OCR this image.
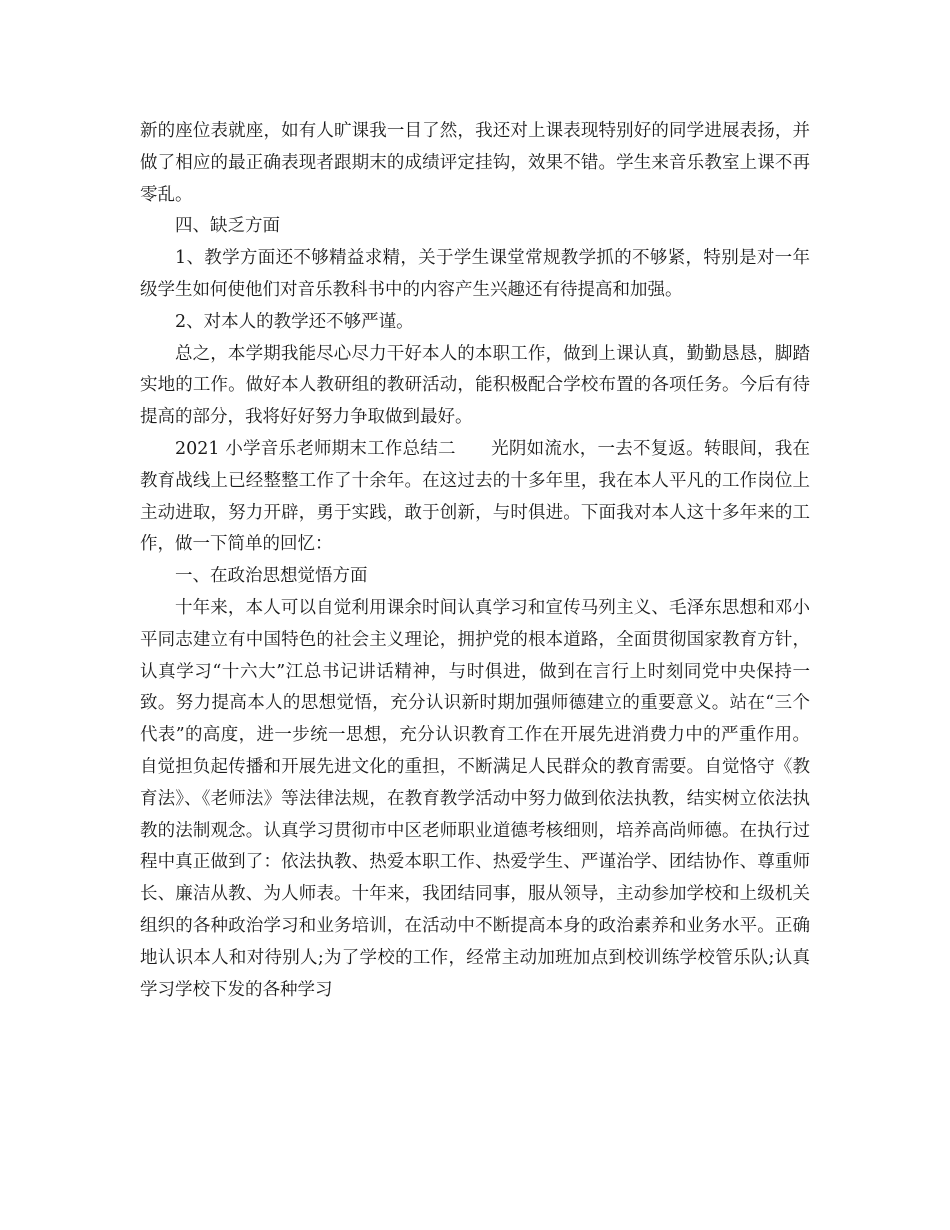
新的座位表就座，如有人旷课我一目了然，我还对上课表现特别好的同学进展表扬，并做了相应的最正确表现者跟期末的成绩评定挂钩，效果不错。学生来音乐教室上课不再零乱。

四、缺乏方面

1、教学方面还不够精益求精，关于学生课堂常规教学抓的不够紧，特别是对一年级学生如何使他们对音乐教科书中的内容产生兴趣还有待提高和加强。

2、对本人的教学还不够严谨。

总之，本学期我能尽心尽力干好本人的本职工作，做到上课认真，勤勤恳恳，脚踏实地的工作。做好本人教研组的教研活动，能积极配合学校布置的各项任务。今后有待提高的部分，我将好好努力争取做到最好。

2021 小学音乐老师期末工作总结二　　光阴如流水，一去不复返。转眼间，我在教育战线上已经整整工作了十余年。在这过去的十多年里，我在本人平凡的工作岗位上主动进取，努力开辟，勇于实践，敢于创新，与时俱进。下面我对本人这十多年来的工作，做一下简单的回忆：

一、在政治思想觉悟方面

十年来，本人可以自觉利用课余时间认真学习和宣传马列主义、毛泽东思想和邓小平同志建立有中国特色的社会主义理论，拥护党的根本道路，全面贯彻国家教育方针，认真学习“十六大”江总书记讲话精神，与时俱进，做到在言行上时刻同党中央保持一致。努力提高本人的思想觉悟，充分认识新时期加强师德建立的重要意义。站在“三个代表”的高度，进一步统一思想，充分认识教育工作在开展先进消费力中的严重作用。自觉担负起传播和开展先进文化的重担，不断满足人民群众的教育需要。自觉恪守《教育法》、《老师法》等法律法规，在教育教学活动中努力做到依法执教，结实树立依法执教的法制观念。认真学习贯彻市中区老师职业道德考核细则，培养高尚师德。在执行过程中真正做到了：依法执教、热爱本职工作、热爱学生、严谨治学、团结协作、尊重师长、廉洁从教、为人师表。十年来，我团结同事，服从领导，主动参加学校和上级机关组织的各种政治学习和业务培训，在活动中不断提高本身的政治素养和业务水平。正确地认识本人和对待别人;为了学校的工作，经常主动加班加点到校训练学校管乐队;认真学习学校下发的各种学习
